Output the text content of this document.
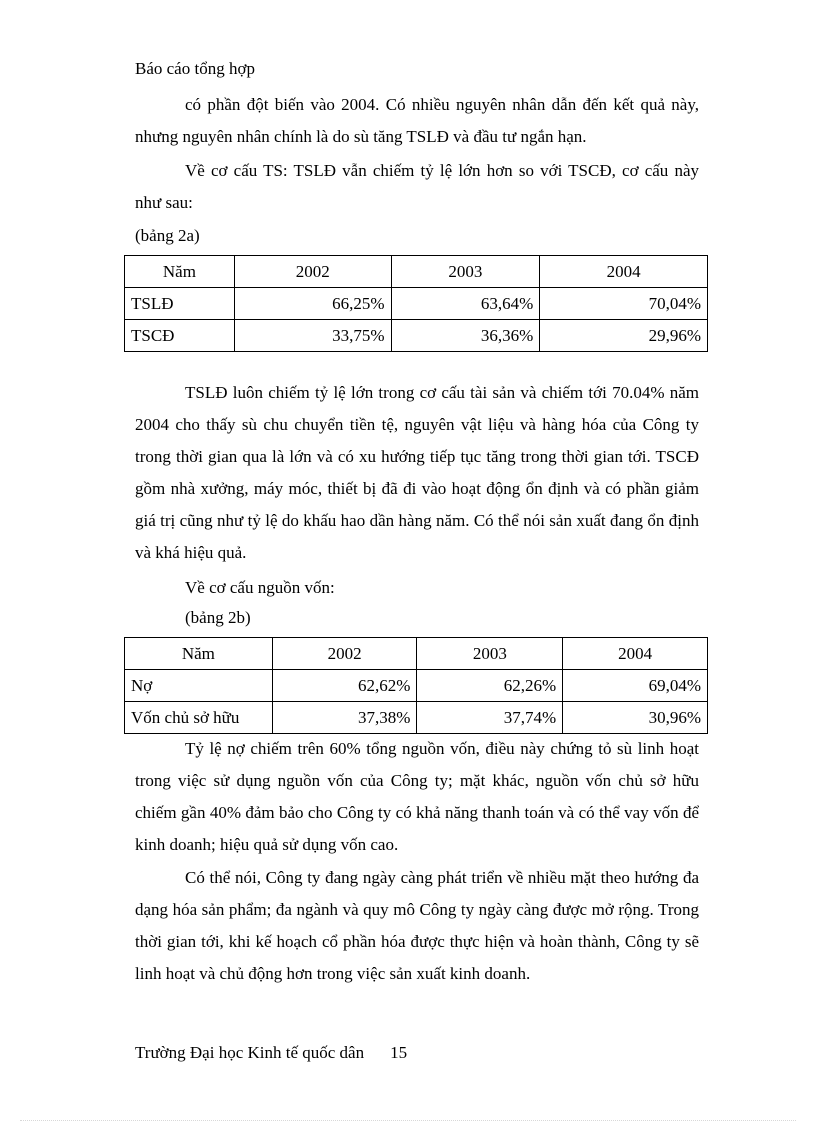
Báo cáo tổng hợp

có phần đột biến vào 2004. Có nhiều nguyên nhân dẫn đến kết quả này, nhưng nguyên nhân chính là do sù tăng TSLĐ và đầu tư ngắn hạn.

Về cơ cấu TS: TSLĐ vẫn chiếm tỷ lệ lớn hơn so với TSCĐ, cơ cấu này như sau:

(bảng 2a)
Năm	2002	2003	2004
TSLĐ	66,25%	63,64%	70,04%
TSCĐ	33,75%	36,36%	29,96%

TSLĐ luôn chiếm tỷ lệ lớn trong cơ cấu tài sản và chiếm tới 70.04% năm 2004 cho thấy sù chu chuyển tiền tệ, nguyên vật liệu và hàng hóa của Công ty trong thời gian qua là lớn và có xu hướng tiếp tục tăng trong thời gian tới. TSCĐ gồm nhà xưởng, máy móc, thiết bị đã đi vào hoạt động ổn định và có phần giảm giá trị cũng như tỷ lệ do khấu hao dần hàng năm. Có thể nói sản xuất đang ổn định và khá hiệu quả.

Về cơ cấu nguồn vốn:
(bảng 2b)
Năm	2002	2003	2004
Nợ	62,62%	62,26%	69,04%
Vốn chủ sở hữu	37,38%	37,74%	30,96%

Tỷ lệ nợ chiếm trên 60% tổng nguồn vốn, điều này chứng tỏ sù linh hoạt trong việc sử dụng nguồn vốn của Công ty; mặt khác, nguồn vốn chủ sở hữu chiếm gần 40% đảm bảo cho Công ty có khả năng thanh toán và có thể vay vốn để kinh doanh; hiệu quả sử dụng vốn cao.

Có thể nói, Công ty đang ngày càng phát triển về nhiều mặt theo hướng đa dạng hóa sản phẩm; đa ngành và quy mô Công ty ngày càng được mở rộng. Trong thời gian tới, khi kế hoạch cổ phần hóa được thực hiện và hoàn thành, Công ty sẽ linh hoạt và chủ động hơn trong việc sản xuất kinh doanh.

Trường Đại học Kinh tế quốc dân 15
